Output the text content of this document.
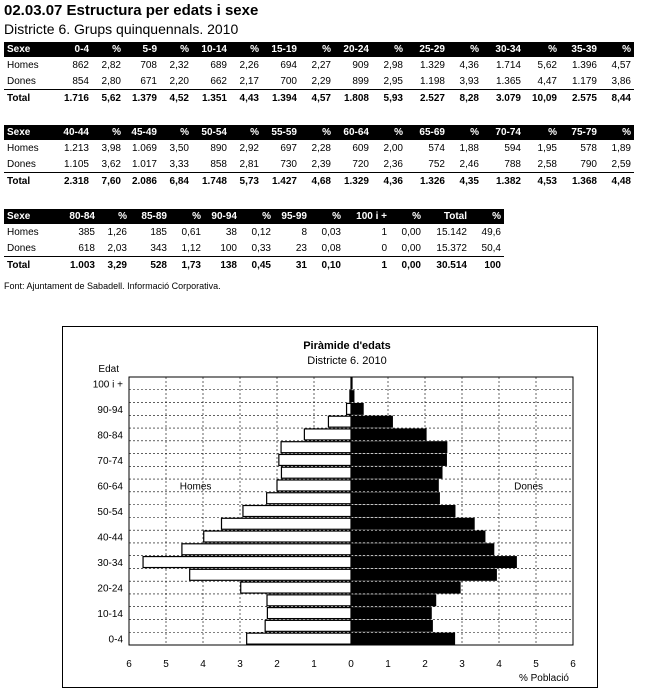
02.03.07 Estructura per edats i sexe
Districte 6. Grups quinquennals. 2010
Sexe	0-4	%	5-9	%	10-14	%	15-19	%	20-24	%	25-29	%	30-34	%	35-39	%
Homes	862	2,82	708	2,32	689	2,26	694	2,27	909	2,98	1.329	4,36	1.714	5,62	1.396	4,57
Dones	854	2,80	671	2,20	662	2,17	700	2,29	899	2,95	1.198	3,93	1.365	4,47	1.179	3,86
Total	1.716	5,62	1.379	4,52	1.351	4,43	1.394	4,57	1.808	5,93	2.527	8,28	3.079	10,09	2.575	8,44
Sexe	40-44	%	45-49	%	50-54	%	55-59	%	60-64	%	65-69	%	70-74	%	75-79	%
Homes	1.213	3,98	1.069	3,50	890	2,92	697	2,28	609	2,00	574	1,88	594	1,95	578	1,89
Dones	1.105	3,62	1.017	3,33	858	2,81	730	2,39	720	2,36	752	2,46	788	2,58	790	2,59
Total	2.318	7,60	2.086	6,84	1.748	5,73	1.427	4,68	1.329	4,36	1.326	4,35	1.382	4,53	1.368	4,48
Sexe	80-84	%	85-89	%	90-94	%	95-99	%	100 i +	%	Total	%
Homes	385	1,26	185	0,61	38	0,12	8	0,03	1	0,00	15.142	49,6
Dones	618	2,03	343	1,12	100	0,33	23	0,08	0	0,00	15.372	50,4
Total	1.003	3,29	528	1,73	138	0,45	31	0,10	1	0,00	30.514	100
Font: Ajuntament de Sabadell. Informació Corporativa.
Piràmide d'edats
Districte 6. 2010
Edat
% Població
0-4
10-14
20-24
30-34
40-44
50-54
60-64
70-74
80-84
90-94
100 i +
6	5	4	3	2	1	0	1	2	3	4	5	6
Homes	Dones
